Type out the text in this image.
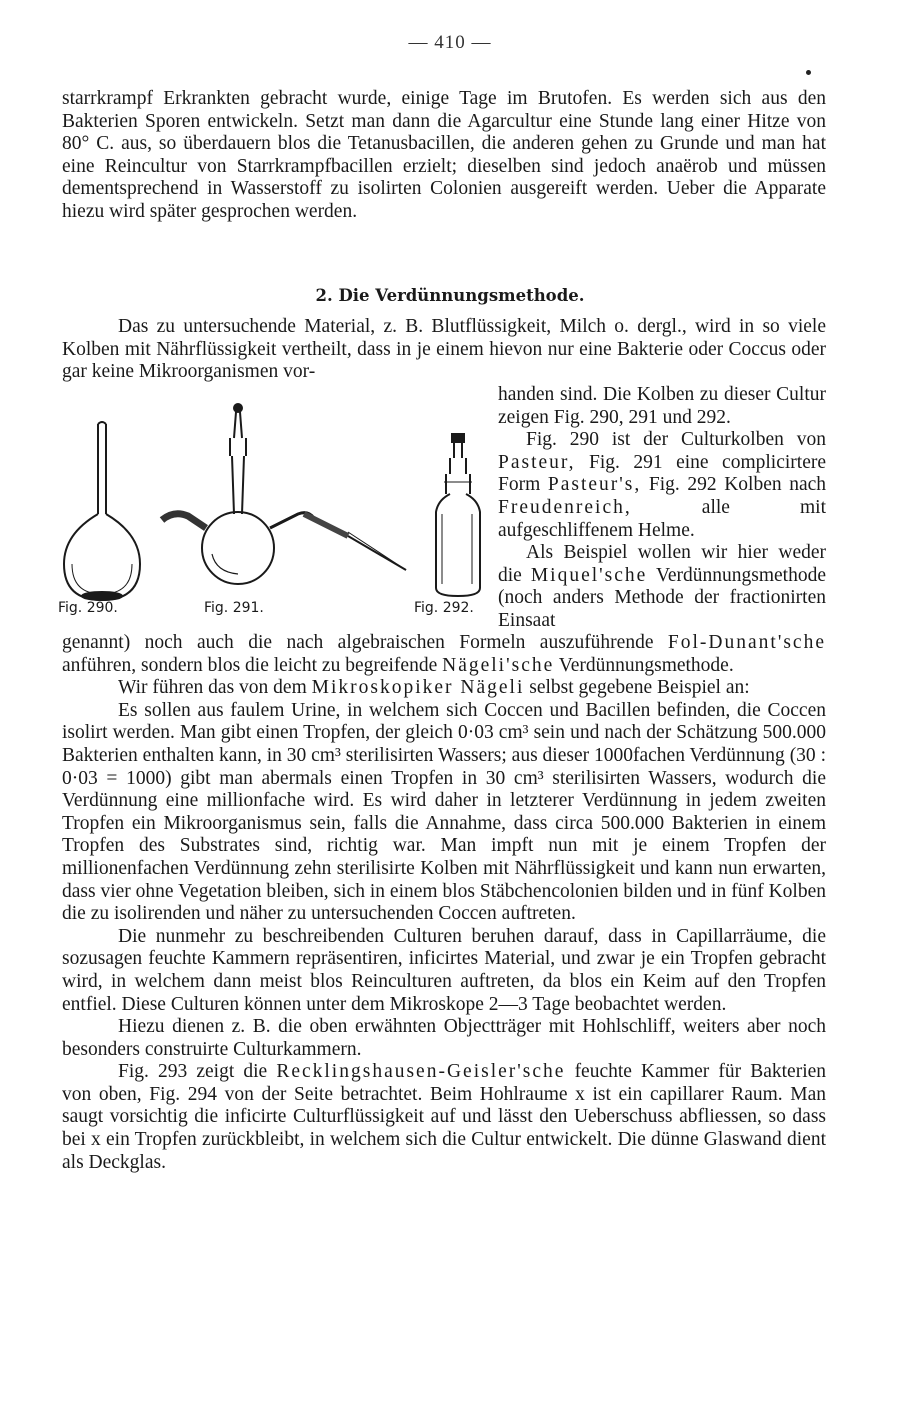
— 410 —

starrkrampf Erkrankten gebracht wurde, einige Tage im Brutofen. Es werden sich aus den Bakterien Sporen entwickeln. Setzt man dann die Agarcultur eine Stunde lang einer Hitze von 80° C. aus, so überdauern blos die Tetanusbacillen, die anderen gehen zu Grunde und man hat eine Reincultur von Starrkrampfbacillen erzielt; dieselben sind jedoch anaërob und müssen dementsprechend in Wasserstoff zu isolirten Colonien ausgereift werden. Ueber die Apparate hiezu wird später gesprochen werden.

2. Die Verdünnungsmethode.

Das zu untersuchende Material, z. B. Blutflüssigkeit, Milch o. dergl., wird in so viele Kolben mit Nährflüssigkeit vertheilt, dass in je einem hievon nur eine Bakterie oder Coccus oder gar keine Mikroorganismen vor-

Fig. 290.	Fig. 291.	Fig. 292.

handen sind. Die Kolben zu dieser Cultur zeigen Fig. 290, 291 und 292.

Fig. 290 ist der Culturkolben von Pasteur, Fig. 291 eine complicirtere Form Pasteur's, Fig. 292 Kolben nach Freudenreich,	alle mit aufgeschliffenem Helme.

Als Beispiel wollen wir hier weder die Miquel'sche Verdünnungsmethode (noch anders Methode der fractionirten Einsaat

genannt) noch auch die nach algebraischen Formeln auszuführende Fol-Dunant'sche anführen, sondern blos die leicht zu begreifende Nägeli'sche Verdünnungsmethode.

Wir führen das von dem Mikroskopiker Nägeli selbst gegebene Beispiel an:

Es sollen aus faulem Urine, in welchem sich Coccen und Bacillen befinden, die Coccen isolirt werden. Man gibt einen Tropfen, der gleich 0·03 cm³ sein und nach der Schätzung 500.000 Bakterien enthalten kann, in 30 cm³ sterilisirten Wassers; aus dieser 1000fachen Verdünnung (30 : 0·03 = 1000) gibt man abermals einen Tropfen in 30 cm³ sterilisirten Wassers, wodurch die Verdünnung eine millionfache wird. Es wird daher in letzterer Verdünnung in jedem zweiten Tropfen ein Mikroorganismus sein, falls die Annahme, dass circa 500.000 Bakterien in einem Tropfen des Substrates sind, richtig war. Man impft nun mit je einem Tropfen der millionenfachen Verdünnung zehn sterilisirte Kolben mit Nährflüssigkeit und kann nun erwarten, dass vier ohne Vegetation bleiben, sich in einem blos Stäbchencolonien bilden und in fünf Kolben die zu isolirenden und näher zu untersuchenden Coccen auftreten.

Die nunmehr zu beschreibenden Culturen beruhen darauf, dass in Capillarräume, die sozusagen feuchte Kammern repräsentiren, inficirtes Material, und zwar je ein Tropfen gebracht wird, in welchem dann meist blos Reinculturen auftreten, da blos ein Keim auf den Tropfen entfiel. Diese Culturen können unter dem Mikroskope 2—3 Tage beobachtet werden.

Hiezu dienen z. B. die oben erwähnten Objectträger mit Hohlschliff, weiters aber noch besonders construirte Culturkammern.

Fig. 293 zeigt die Recklingshausen-Geisler'sche feuchte Kammer für Bakterien von oben, Fig. 294 von der Seite betrachtet. Beim Hohlraume x ist ein capillarer Raum. Man saugt vorsichtig die inficirte Culturflüssigkeit auf und lässt den Ueberschuss abfliessen, so dass bei x ein Tropfen zurückbleibt, in welchem sich die Cultur entwickelt. Die dünne Glaswand dient als Deckglas.
